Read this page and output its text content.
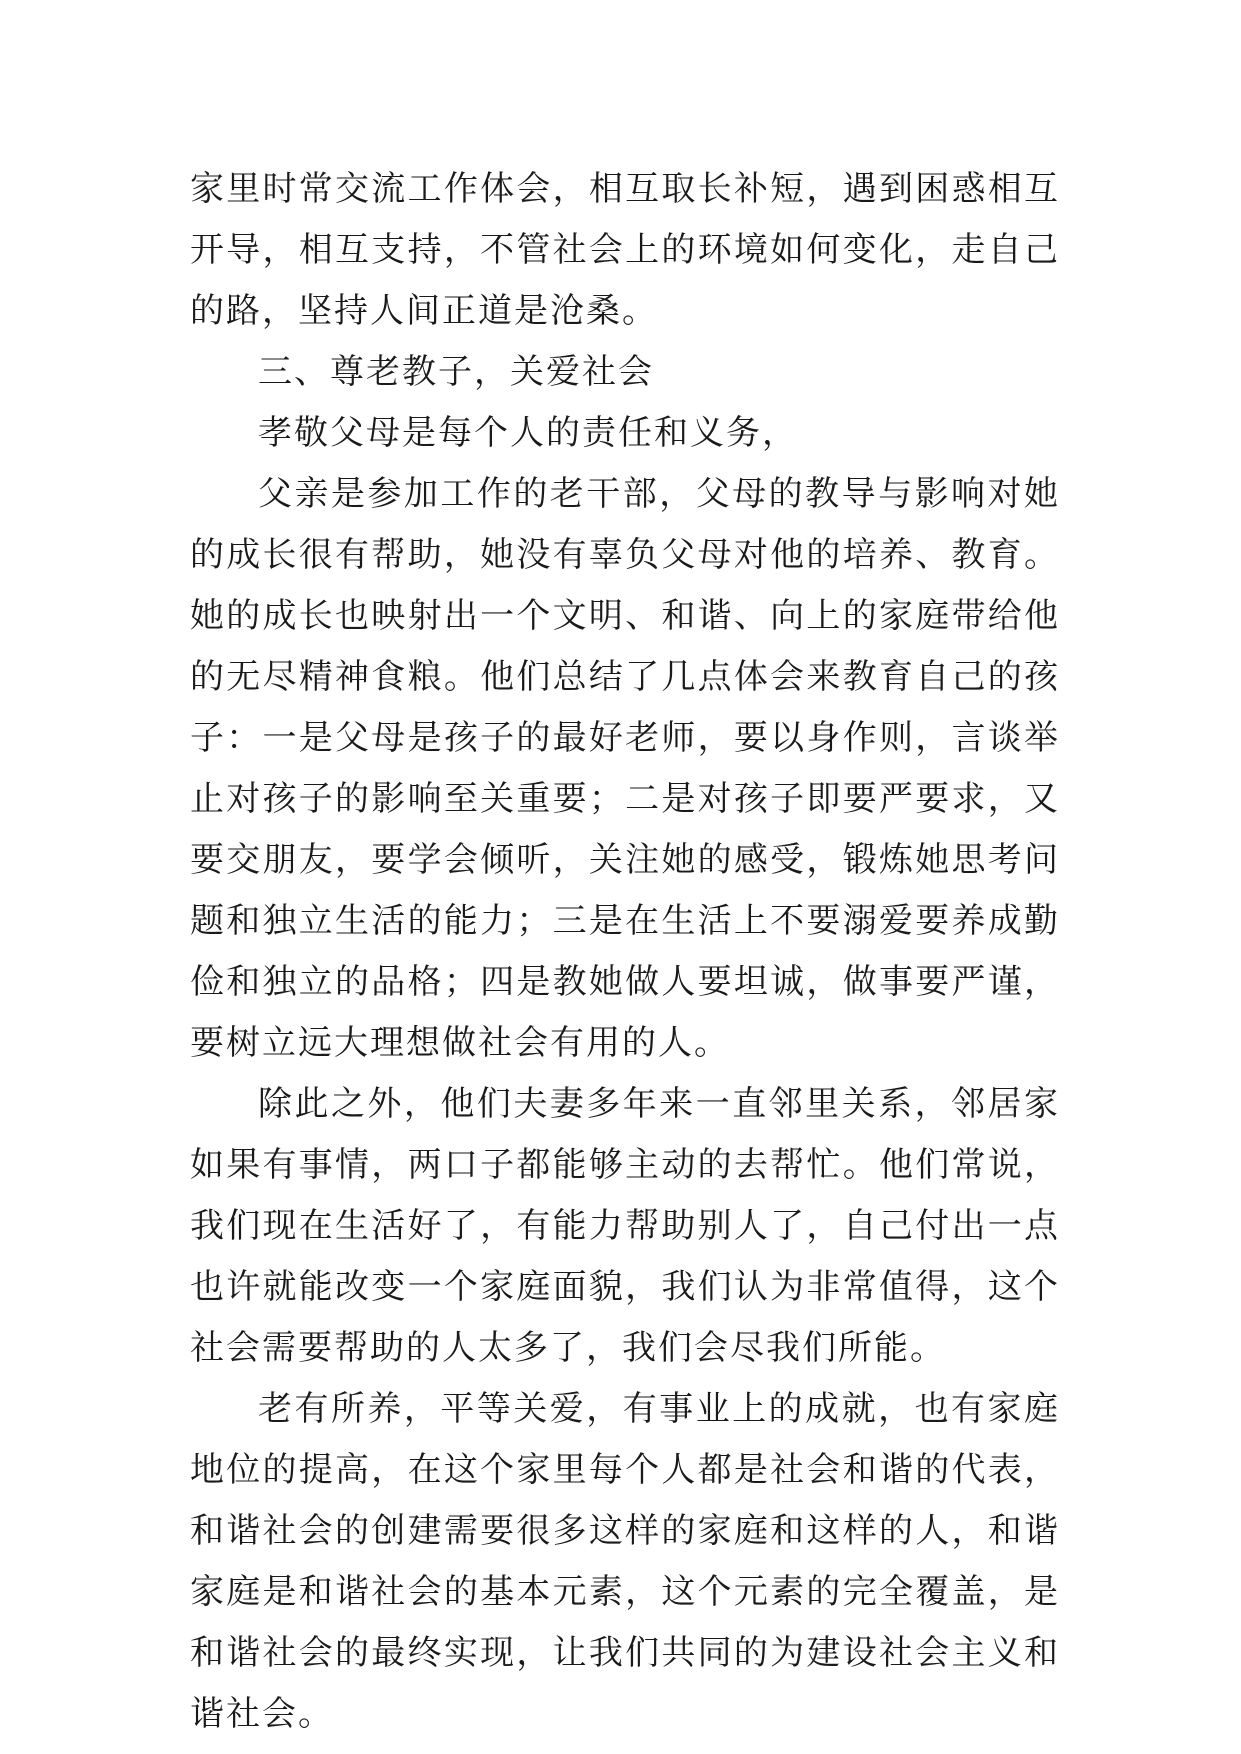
家里时常交流工作体会，相互取长补短，遇到困惑相互开导，相互支持，不管社会上的环境如何变化，走自己的路，坚持人间正道是沧桑。

三、尊老教子，关爱社会

孝敬父母是每个人的责任和义务，

父亲是参加工作的老干部，父母的教导与影响对她的成长很有帮助，她没有辜负父母对他的培养、教育。她的成长也映射出一个文明、和谐、向上的家庭带给他的无尽精神食粮。他们总结了几点体会来教育自己的孩子：一是父母是孩子的最好老师，要以身作则，言谈举止对孩子的影响至关重要；二是对孩子即要严要求，又要交朋友，要学会倾听，关注她的感受，锻炼她思考问题和独立生活的能力；三是在生活上不要溺爱要养成勤俭和独立的品格；四是教她做人要坦诚，做事要严谨，要树立远大理想做社会有用的人。

除此之外，他们夫妻多年来一直邻里关系，邻居家如果有事情，两口子都能够主动的去帮忙。他们常说，我们现在生活好了，有能力帮助别人了，自己付出一点也许就能改变一个家庭面貌，我们认为非常值得，这个社会需要帮助的人太多了，我们会尽我们所能。

老有所养，平等关爱，有事业上的成就，也有家庭地位的提高，在这个家里每个人都是社会和谐的代表，和谐社会的创建需要很多这样的家庭和这样的人，和谐家庭是和谐社会的基本元素，这个元素的完全覆盖，是和谐社会的最终实现，让我们共同的为建设社会主义和谐社会。
